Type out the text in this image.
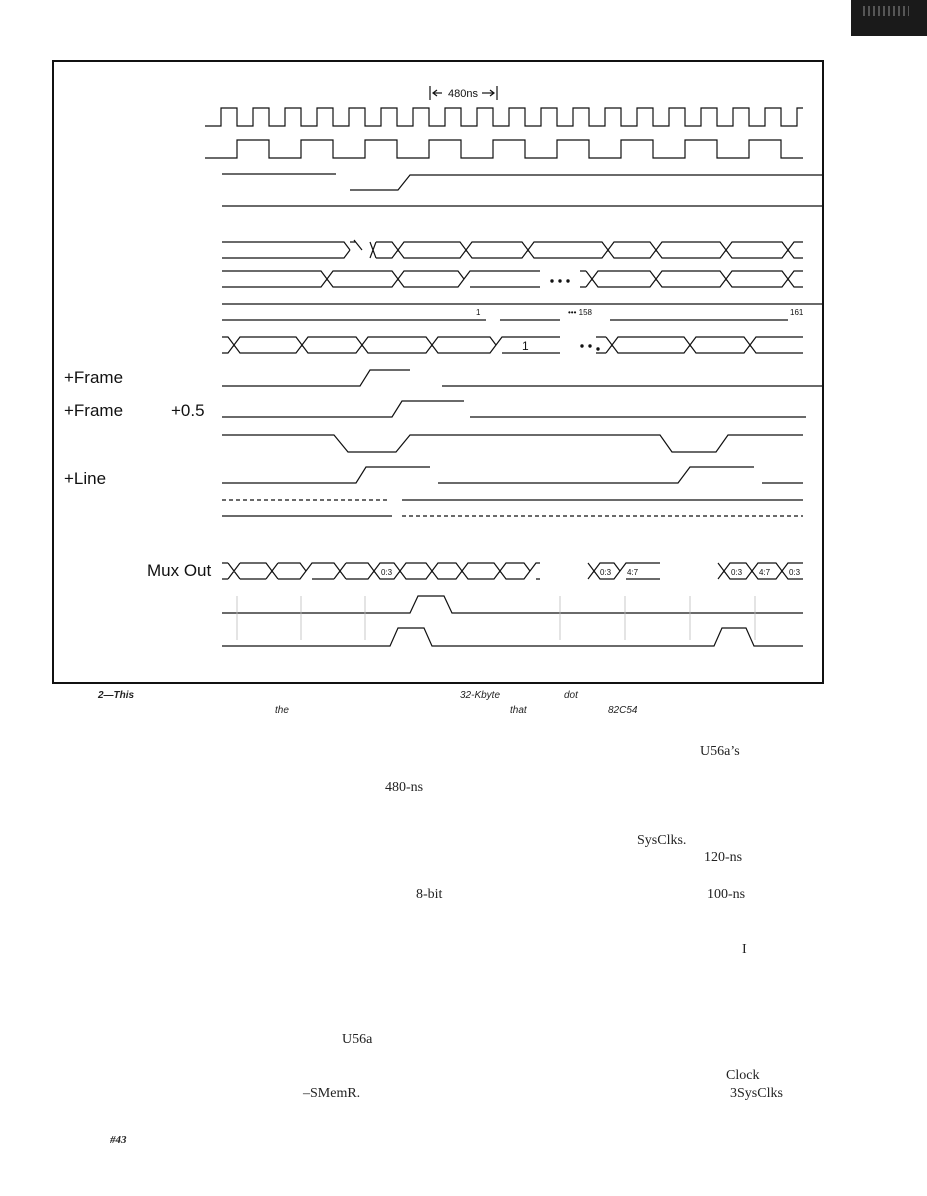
480ns
1	••• 158	161
1
0:3	0:3 4:7	0:3 4:7 0:3
+Frame
+Frame	+0.5
+Line
Mux Out
2—This	32-Kbyte	dot
the	that	82C54
U56a’s
480-ns
SysClks.
120-ns
8-bit	100-ns
I
U56a
Clock
–SMemR.	3SysClks
#43
